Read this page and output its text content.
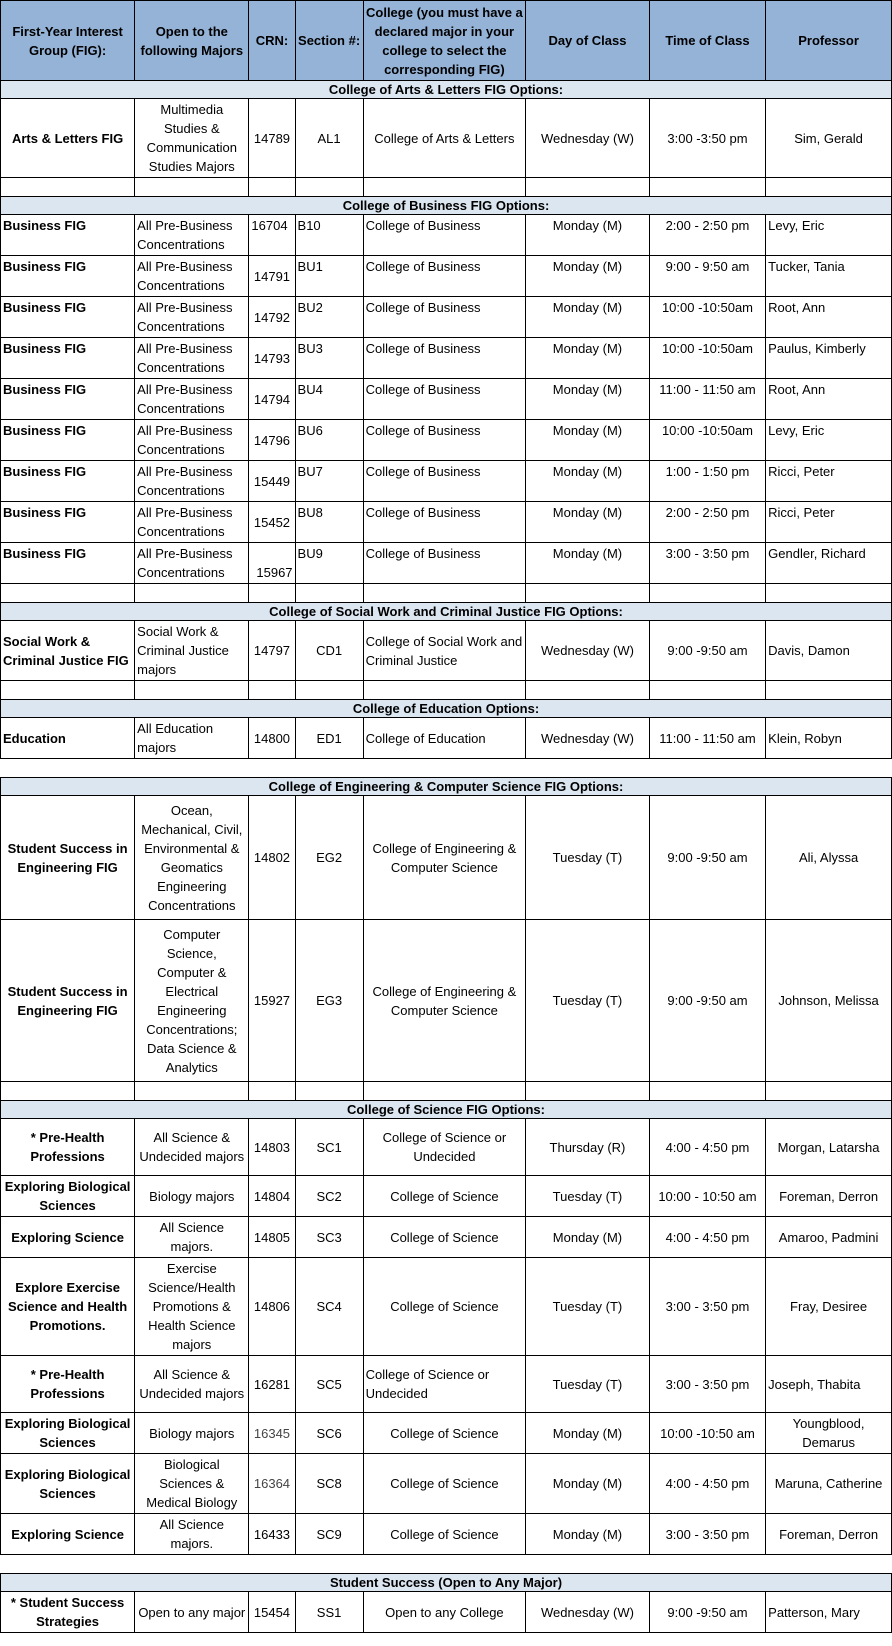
First-Year Interest Group (FIG):	Open to the following Majors	CRN:	Section #:	College (you must have a declared major in your college to select the corresponding FIG)	Day of Class	Time of Class	Professor
College of Arts & Letters FIG Options:							
Arts & Letters FIG	Multimedia Studies & Communication Studies Majors	14789	AL1	College of Arts & Letters	Wednesday (W)	3:00 -3:50 pm	Sim, Gerald

College of Business FIG Options:							
Business FIG	All Pre-Business Concentrations	16704	B10	College of Business	Monday (M)	2:00 - 2:50 pm	Levy, Eric
Business FIG	All Pre-Business Concentrations	14791	BU1	College of Business	Monday (M)	9:00 - 9:50 am	Tucker, Tania
Business FIG	All Pre-Business Concentrations	14792	BU2	College of Business	Monday (M)	10:00 -10:50am	Root, Ann
Business FIG	All Pre-Business Concentrations	14793	BU3	College of Business	Monday (M)	10:00 -10:50am	Paulus, Kimberly
Business FIG	All Pre-Business Concentrations	14794	BU4	College of Business	Monday (M)	11:00 - 11:50 am	Root, Ann
Business FIG	All Pre-Business Concentrations	14796	BU6	College of Business	Monday (M)	10:00 -10:50am	Levy, Eric
Business FIG	All Pre-Business Concentrations	15449	BU7	College of Business	Monday (M)	1:00 - 1:50 pm	Ricci, Peter
Business FIG	All Pre-Business Concentrations	15452	BU8	College of Business	Monday (M)	2:00 - 2:50 pm	Ricci, Peter
Business FIG	All Pre-Business Concentrations	15967	BU9	College of Business	Monday (M)	3:00 - 3:50 pm	Gendler, Richard

College of Social Work and Criminal Justice FIG Options:							
Social Work & Criminal Justice FIG	Social Work & Criminal Justice majors	14797	CD1	College of Social Work and Criminal Justice	Wednesday (W)	9:00 -9:50 am	Davis, Damon

College of Education Options:							
Education	All Education majors	14800	ED1	College of Education	Wednesday (W)	11:00 - 11:50 am	Klein, Robyn

College of Engineering & Computer Science FIG Options:							
Student Success in Engineering FIG	Ocean, Mechanical, Civil, Environmental & Geomatics Engineering Concentrations	14802	EG2	College of Engineering & Computer Science	Tuesday (T)	9:00 -9:50 am	Ali, Alyssa
Student Success in Engineering FIG	Computer Science, Computer & Electrical Engineering Concentrations; Data Science & Analytics	15927	EG3	College of Engineering & Computer Science	Tuesday (T)	9:00 -9:50 am	Johnson, Melissa

College of Science FIG Options:							
* Pre-Health Professions	All Science & Undecided majors	14803	SC1	College of Science or Undecided	Thursday (R)	4:00 - 4:50 pm	Morgan, Latarsha
Exploring Biological Sciences	Biology majors	14804	SC2	College of Science	Tuesday (T)	10:00 - 10:50 am	Foreman, Derron
Exploring Science	All Science majors.	14805	SC3	College of Science	Monday (M)	4:00 - 4:50 pm	Amaroo, Padmini
Explore Exercise Science and Health Promotions.	Exercise Science/Health Promotions & Health Science majors	14806	SC4	College of Science	Tuesday (T)	3:00 - 3:50 pm	Fray, Desiree
* Pre-Health Professions	All Science & Undecided majors	16281	SC5	College of Science or Undecided	Tuesday (T)	3:00 - 3:50 pm	Joseph, Thabita
Exploring Biological Sciences	Biology majors	16345	SC6	College of Science	Monday (M)	10:00 -10:50 am	Youngblood, Demarus
Exploring Biological Sciences	Biological Sciences & Medical Biology	16364	SC8	College of Science	Monday (M)	4:00 - 4:50 pm	Maruna, Catherine
Exploring Science	All Science majors.	16433	SC9	College of Science	Monday (M)	3:00 - 3:50 pm	Foreman, Derron

Student Success (Open to Any Major)							
* Student Success Strategies	Open to any major	15454	SS1	Open to any College	Wednesday (W)	9:00 -9:50 am	Patterson, Mary
